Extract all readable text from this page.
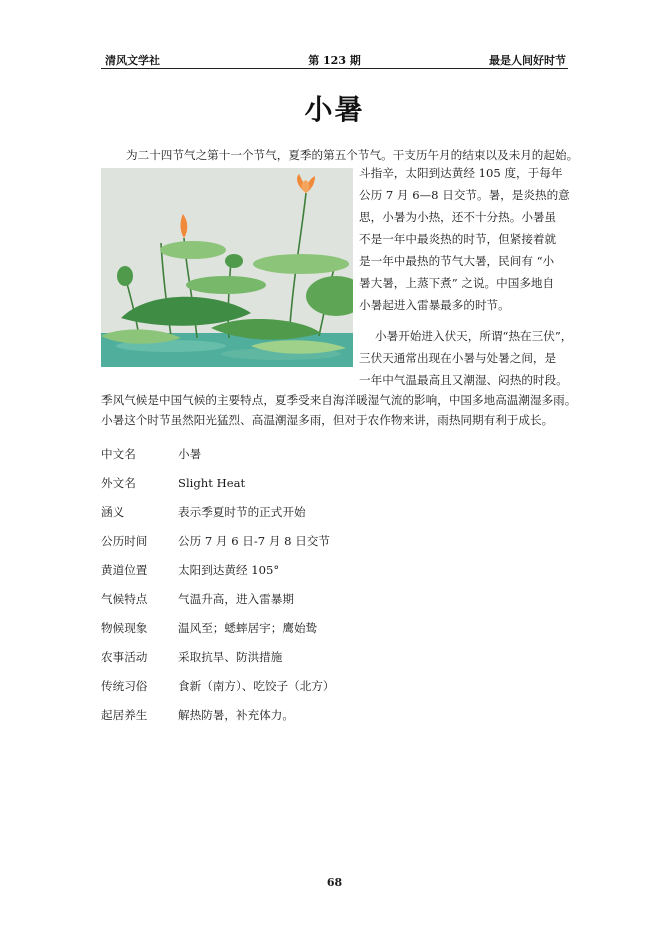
清风文学社	第 123 期	最是人间好时节
小暑
为二十四节气之第十一个节气，夏季的第五个节气。干支历午月的结束以及未月的起始。
斗指辛，太阳到达黄经 105 度，于每年
公历 7 月 6—8 日交节。暑，是炎热的意
思，小暑为小热，还不十分热。小暑虽
不是一年中最炎热的时节，但紧接着就
是一年中最热的节气大暑，民间有 “小
暑大暑，上蒸下煮” 之说。中国多地自
小暑起进入雷暴最多的时节。
小暑开始进入伏天，所谓“热在三伏”，
三伏天通常出现在小暑与处暑之间，是
一年中气温最高且又潮湿、闷热的时段。
季风气候是中国气候的主要特点，夏季受来自海洋暖湿气流的影响，中国多地高温潮湿多雨。
小暑这个时节虽然阳光猛烈、高温潮湿多雨，但对于农作物来讲，雨热同期有利于成长。
中文名	小暑
外文名	Slight Heat
涵义	表示季夏时节的正式开始
公历时间	公历 7 月 6 日-7 月 8 日交节
黄道位置	太阳到达黄经 105°
气候特点	气温升高，进入雷暴期
物候现象	温风至；蟋蟀居宇；鹰始鸷
农事活动	采取抗旱、防洪措施
传统习俗	食新（南方）、吃饺子（北方）
起居养生	解热防暑，补充体力。
68
